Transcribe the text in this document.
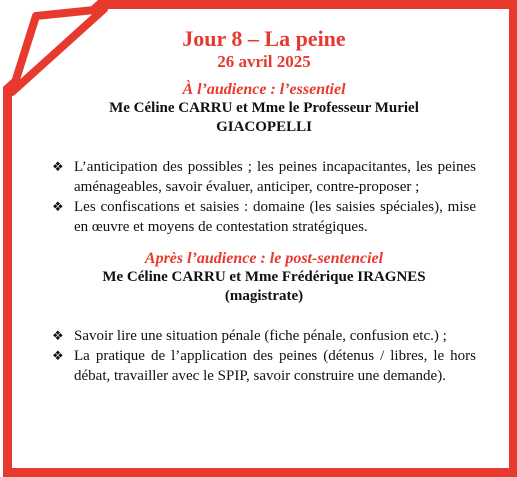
Jour 8 – La peine

26 avril 2025

À l’audience : l’essentiel

Me Céline CARRU et Mme le Professeur Muriel GIACOPELLI

❖ L’anticipation des possibles ; les peines incapacitantes, les peines aménageables, savoir évaluer, anticiper, contre-proposer ;
❖ Les confiscations et saisies : domaine (les saisies spéciales), mise en œuvre et moyens de contestation stratégiques.

Après l’audience : le post-sentenciel

Me Céline CARRU et Mme Frédérique IRAGNES (magistrate)

❖ Savoir lire une situation pénale (fiche pénale, confusion etc.) ;
❖ La pratique de l’application des peines (détenus / libres, le hors débat, travailler avec le SPIP, savoir construire une demande).
